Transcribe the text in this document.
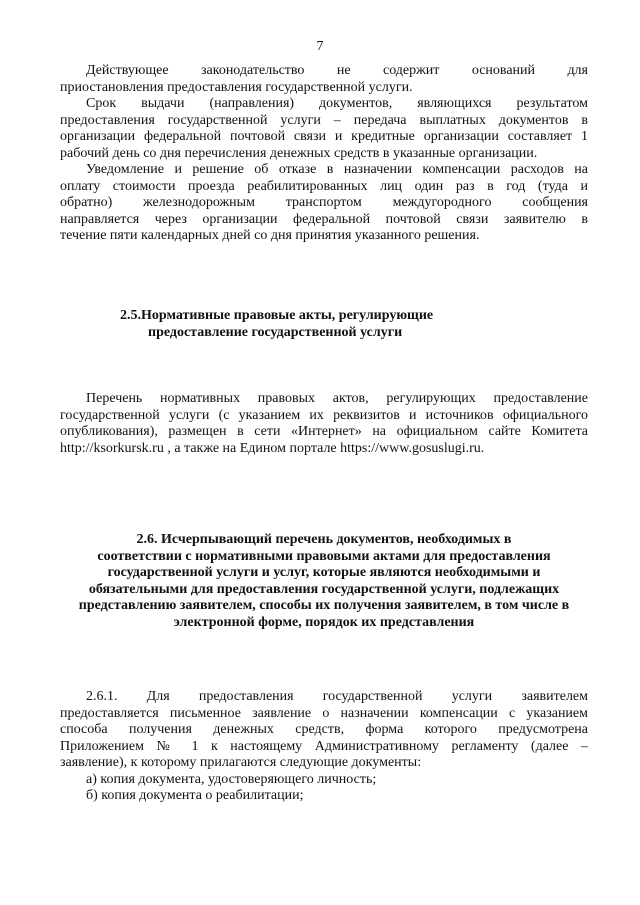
7

Действующее законодательство не содержит оснований для

приостановления предоставления государственной услуги.

Срок выдачи (направления) документов, являющихся результатом

предоставления государственной услуги – передача выплатных документов в

организации федеральной почтовой связи и кредитные организации составляет 1

рабочий день со дня перечисления денежных средств в указанные организации.

Уведомление и решение об отказе в назначении компенсации расходов на

оплату стоимости проезда реабилитированных лиц один раз в год (туда и

обратно) железнодорожным транспортом междугородного сообщения

направляется через организации федеральной почтовой связи заявителю в

течение пяти календарных дней со дня принятия указанного решения.

2.5.Нормативные правовые акты, регулирующие

предоставление государственной услуги

Перечень нормативных правовых актов, регулирующих предоставление

государственной услуги (с указанием их реквизитов и источников официального

опубликования), размещен в сети «Интернет» на официальном сайте Комитета

http://ksorkursk.ru , а также на Едином портале https://www.gosuslugi.ru.

2.6. Исчерпывающий перечень документов, необходимых в

соответствии с нормативными правовыми актами для предоставления

государственной услуги и услуг, которые являются необходимыми и

обязательными для предоставления государственной услуги, подлежащих

представлению заявителем, способы их получения заявителем, в том числе в

электронной форме, порядок их представления

2.6.1. Для предоставления государственной услуги заявителем

предоставляется письменное заявление о назначении компенсации с указанием

способа получения денежных средств, форма которого предусмотрена

Приложением № 1 к настоящему Административному регламенту (далее –

заявление), к которому прилагаются следующие документы:

а) копия документа, удостоверяющего личность;

б) копия документа о реабилитации;
